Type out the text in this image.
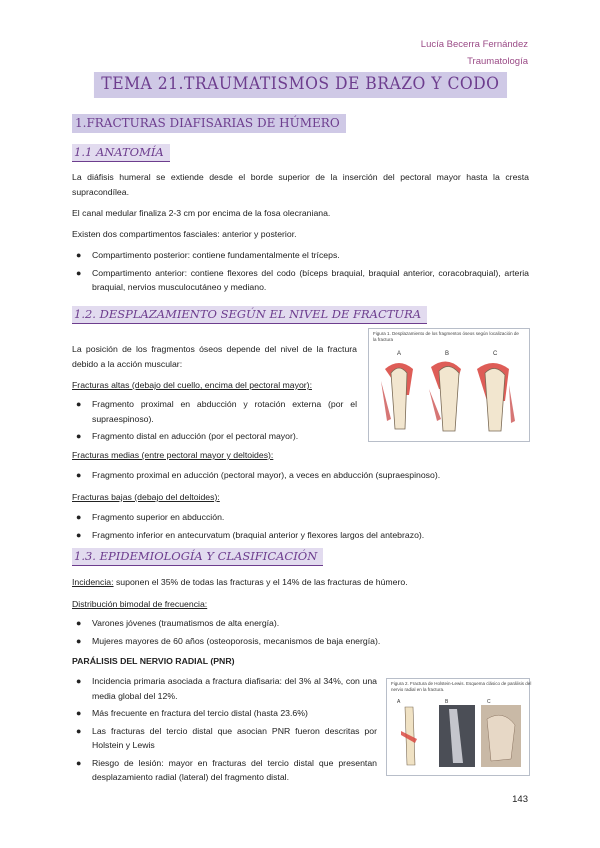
Lucía Becerra Fernández
Traumatología
TEMA 21.TRAUMATISMOS DE BRAZO Y CODO
1.FRACTURAS DIAFISARIAS DE HÚMERO
1.1 ANATOMÍA

La diáfisis humeral se extiende desde el borde superior de la inserción del pectoral mayor hasta la cresta supracondílea.

El canal medular finaliza 2-3 cm por encima de la fosa olecraniana.

Existen dos compartimentos fasciales: anterior y posterior.

● Compartimento posterior: contiene fundamentalmente el tríceps.
● Compartimento anterior: contiene flexores del codo (bíceps braquial, braquial anterior, coracobraquial), arteria braquial, nervios musculocutáneo y mediano.
1.2. DESPLAZAMIENTO SEGÚN EL NIVEL DE FRACTURA

La posición de los fragmentos óseos depende del nivel de la fractura debido a la acción muscular:

Fracturas altas (debajo del cuello, encima del pectoral mayor):

● Fragmento proximal en abducción y rotación externa (por el supraespinoso).
● Fragmento distal en aducción (por el pectoral mayor).
Figura 1. Desplazamiento de los fragmentos óseos según localización de la fractura
A	B	C

Fracturas medias (entre pectoral mayor y deltoides):

● Fragmento proximal en aducción (pectoral mayor), a veces en abducción (supraespinoso).

Fracturas bajas (debajo del deltoides):

● Fragmento superior en abducción.
● Fragmento inferior en antecurvatum (braquial anterior y flexores largos del antebrazo).
1.3. EPIDEMIOLOGÍA Y CLASIFICACIÓN

Incidencia: suponen el 35% de todas las fracturas y el 14% de las fracturas de húmero.

Distribución bimodal de frecuencia:

● Varones jóvenes (traumatismos de alta energía).
● Mujeres mayores de 60 años (osteoporosis, mecanismos de baja energía).
PARÁLISIS DEL NERVIO RADIAL (PNR)
● Incidencia primaria asociada a fractura diafisaria: del 3% al 34%, con una media global del 12%.
● Más frecuente en fractura del tercio distal (hasta 23.6%)
● Las fracturas del tercio distal que asocian PNR fueron descritas por Holstein y Lewis
● Riesgo de lesión: mayor en fracturas del tercio distal que presentan desplazamiento radial (lateral) del fragmento distal.
Figura 2. Fractura de Holstein-Lewis. Esquema clásico de parálisis del nervio radial en la fractura.
A	B	C
143
